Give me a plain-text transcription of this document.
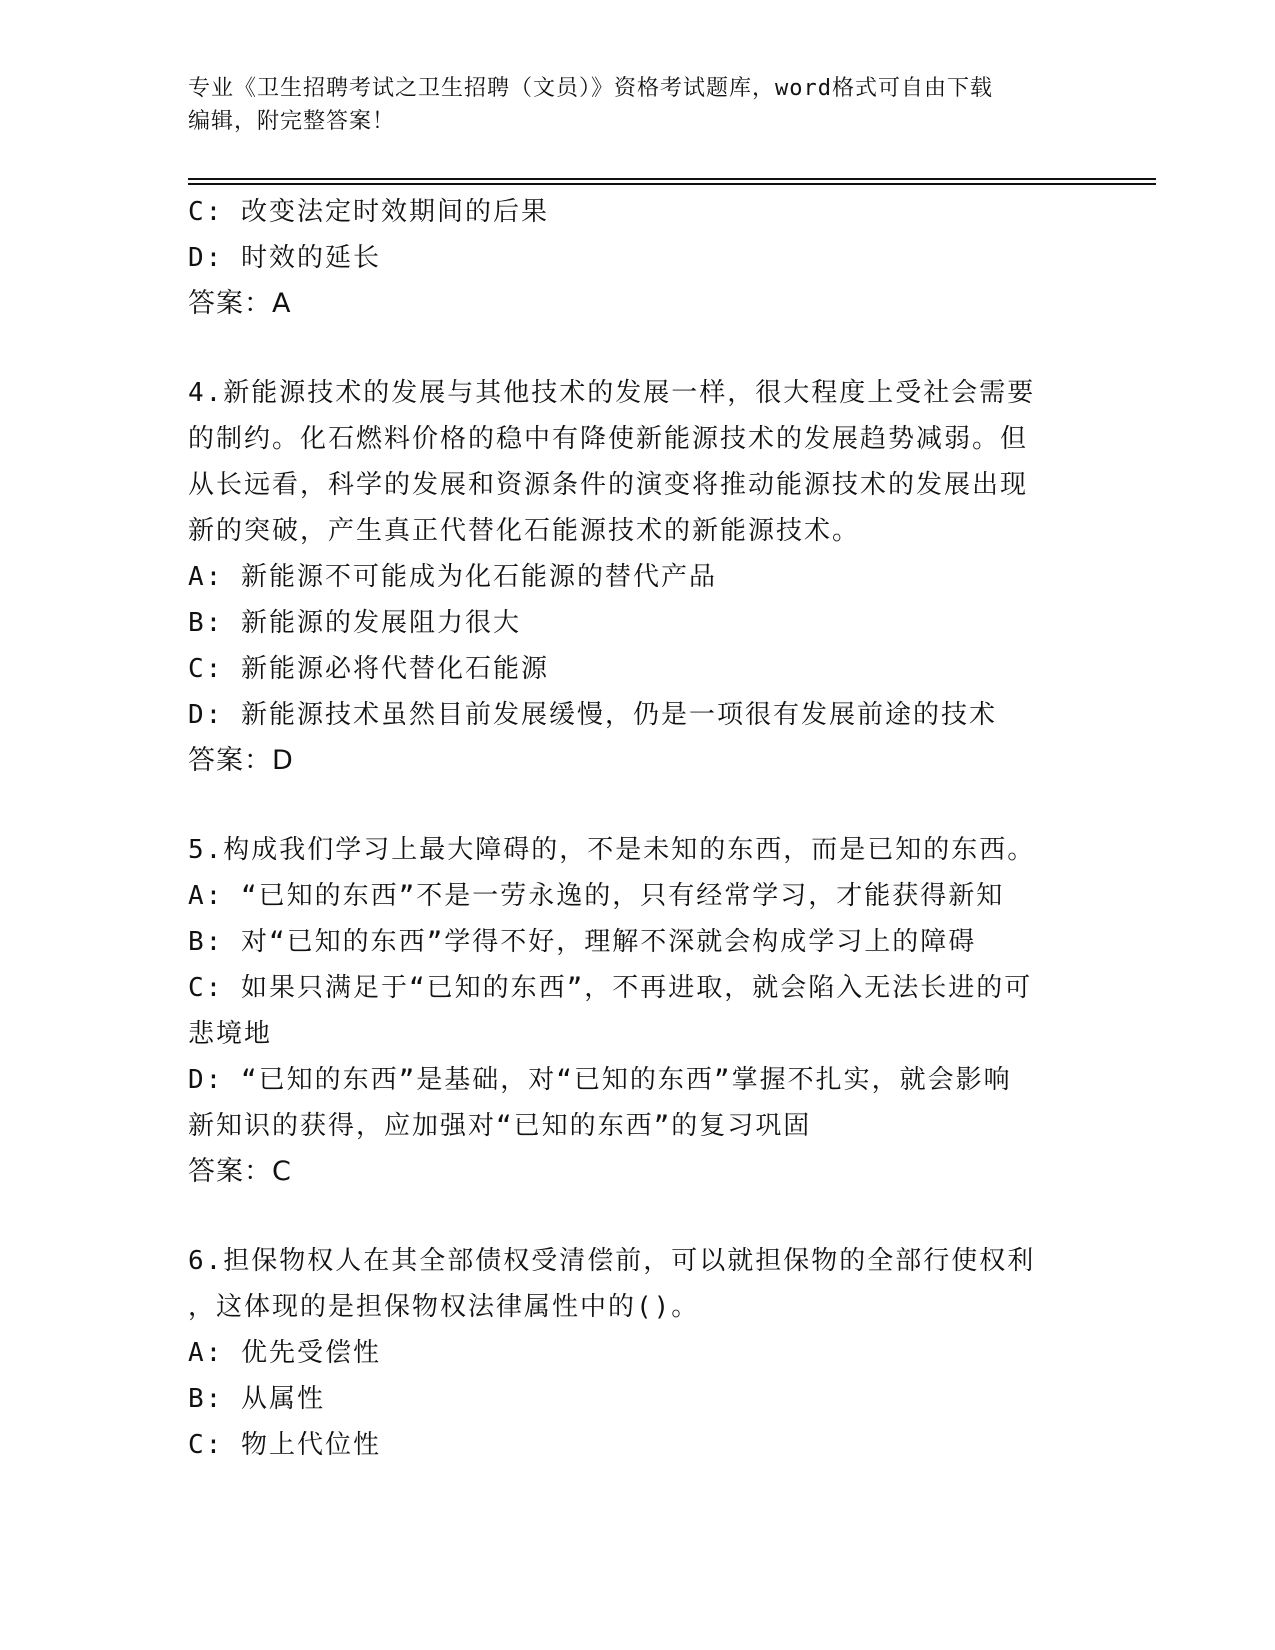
专业《卫生招聘考试之卫生招聘（文员）》资格考试题库，word格式可自由下载
编辑，附完整答案！
C: 改变法定时效期间的后果
D: 时效的延长
答案：A
4.新能源技术的发展与其他技术的发展一样，很大程度上受社会需要
的制约。化石燃料价格的稳中有降使新能源技术的发展趋势减弱。但
从长远看，科学的发展和资源条件的演变将推动能源技术的发展出现
新的突破，产生真正代替化石能源技术的新能源技术。
A: 新能源不可能成为化石能源的替代产品
B: 新能源的发展阻力很大
C: 新能源必将代替化石能源
D: 新能源技术虽然目前发展缓慢，仍是一项很有发展前途的技术
答案：D
5.构成我们学习上最大障碍的，不是未知的东西，而是已知的东西。
A: “已知的东西”不是一劳永逸的，只有经常学习，才能获得新知
B: 对“已知的东西”学得不好，理解不深就会构成学习上的障碍
C: 如果只满足于“已知的东西”，不再进取，就会陷入无法长进的可
悲境地
D: “已知的东西”是基础，对“已知的东西”掌握不扎实，就会影响
新知识的获得，应加强对“已知的东西”的复习巩固
答案：C
6.担保物权人在其全部债权受清偿前，可以就担保物的全部行使权利
，这体现的是担保物权法律属性中的()。
A: 优先受偿性
B: 从属性
C: 物上代位性
